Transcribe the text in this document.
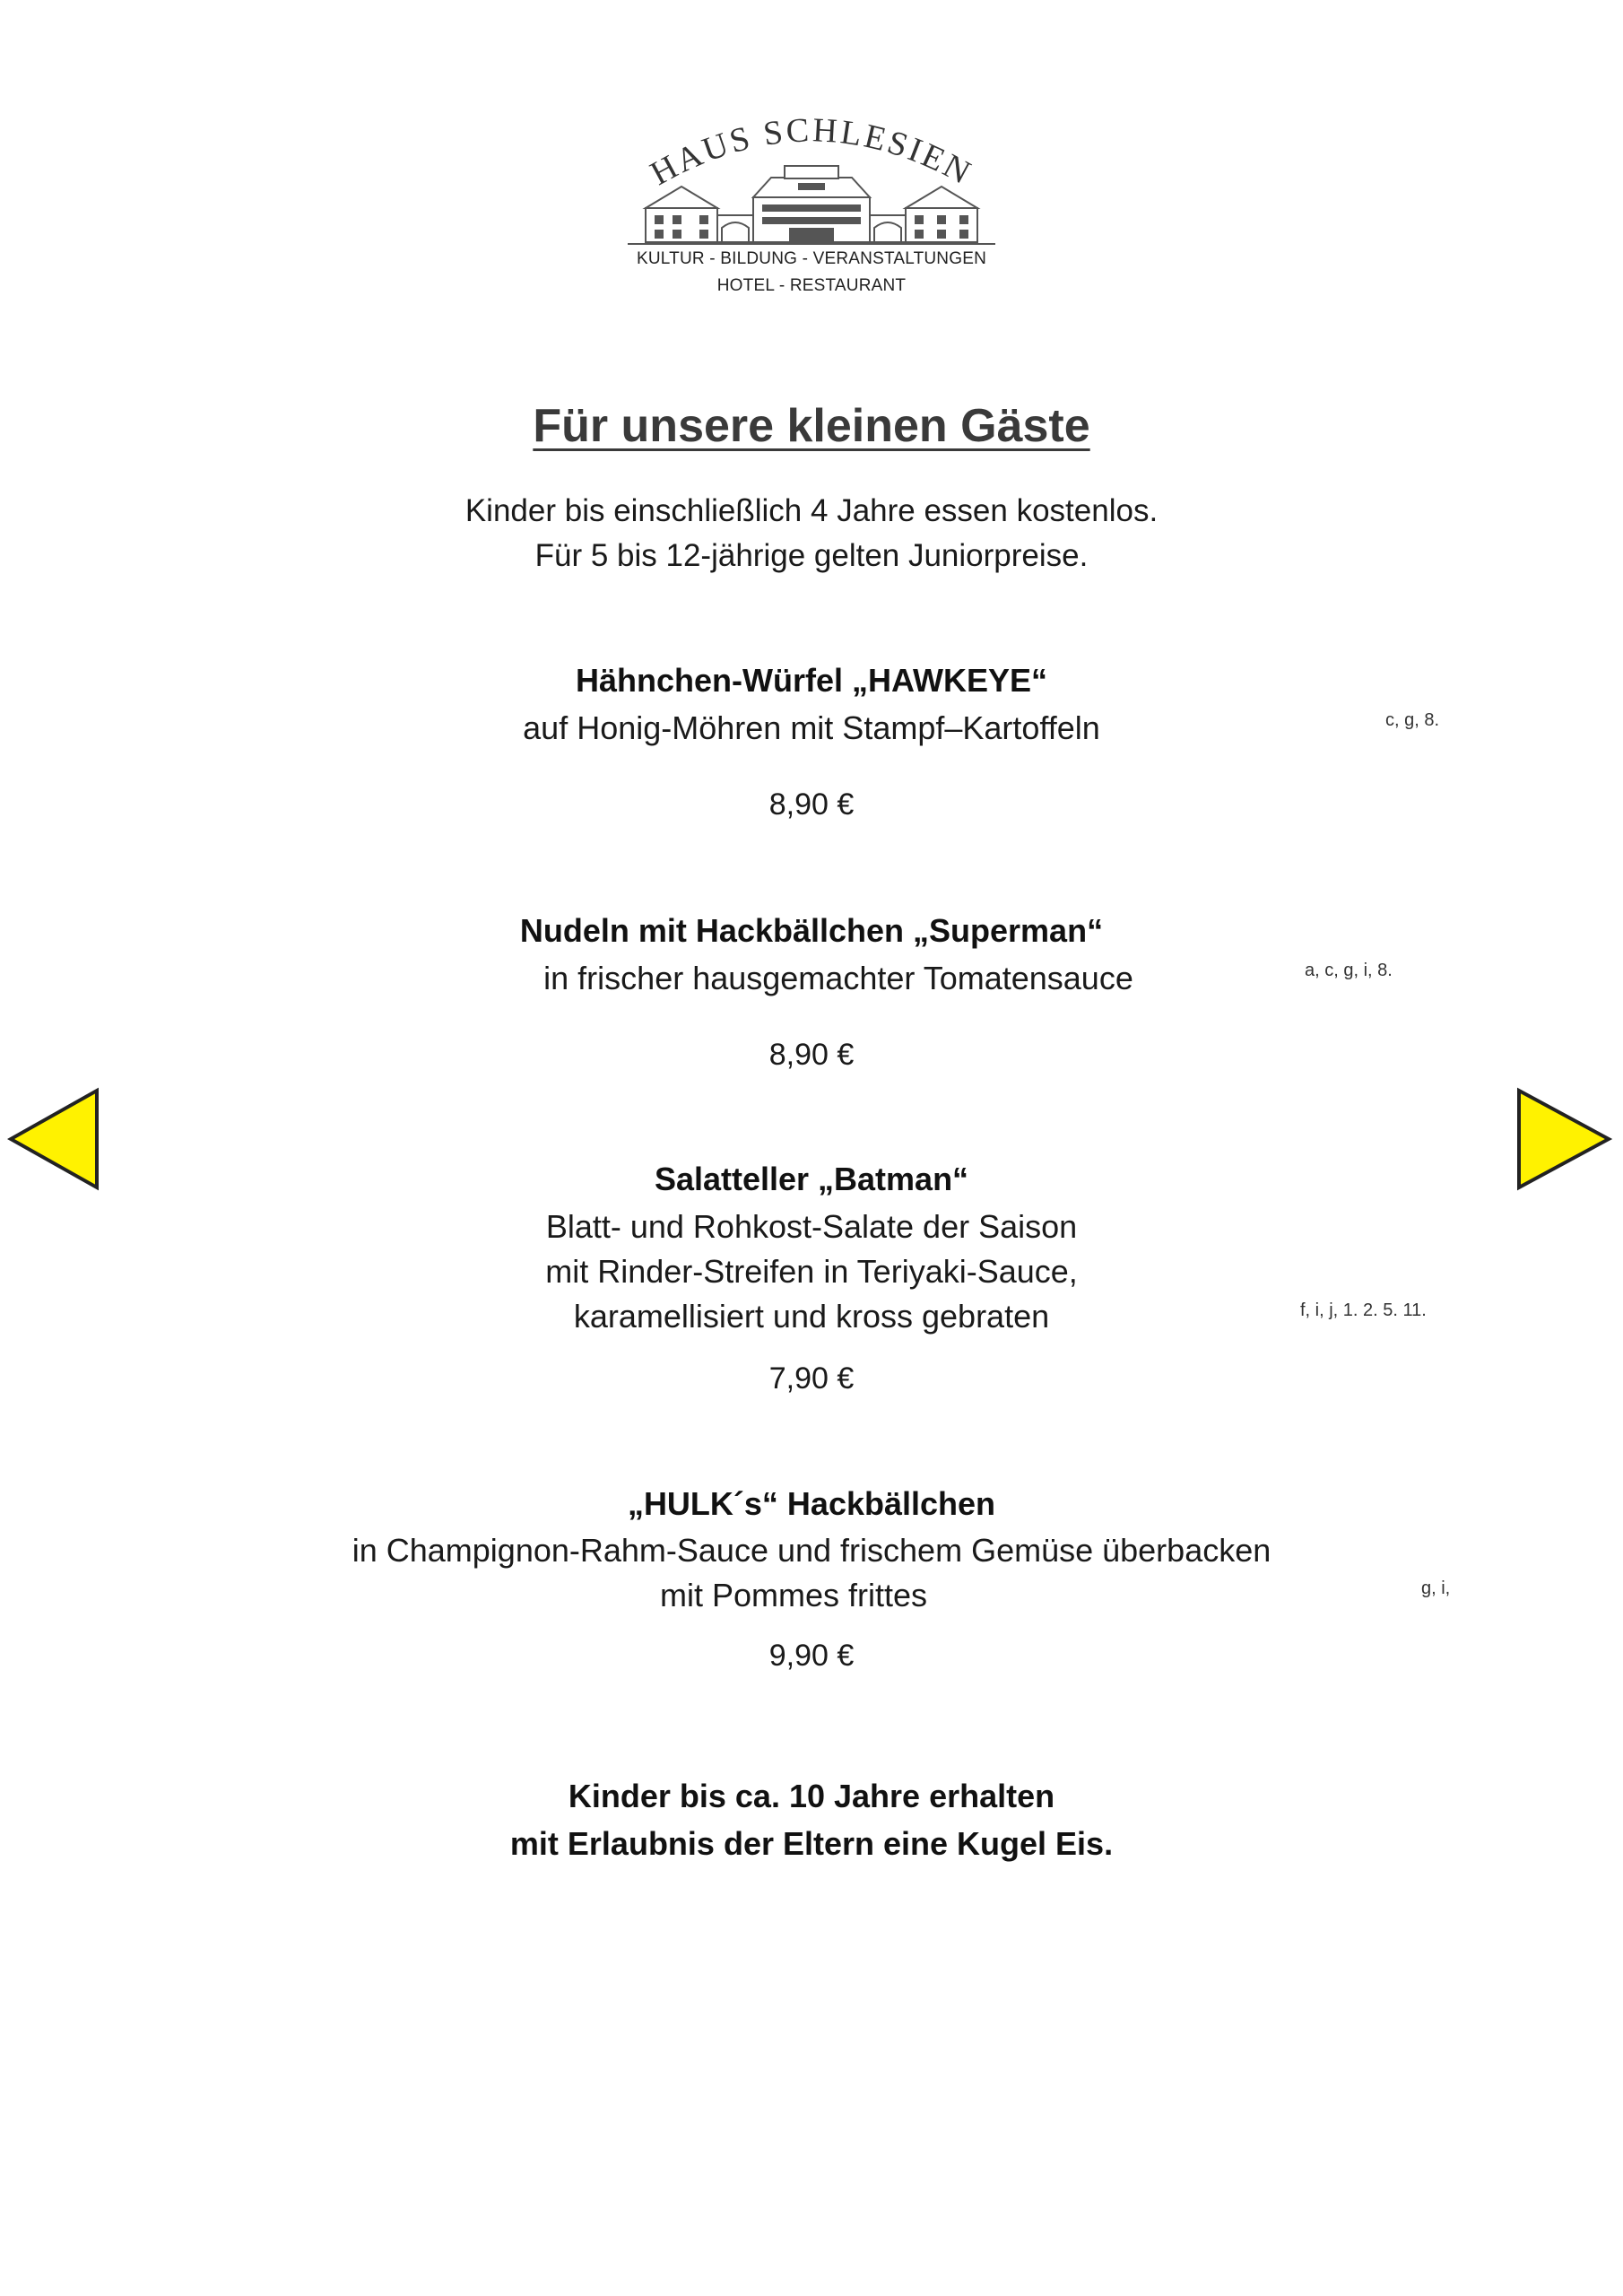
HAUS SCHLESIEN
KULTUR - BILDUNG - VERANSTALTUNGEN
HOTEL - RESTAURANT
Für unsere kleinen Gäste
Kinder bis einschließlich 4 Jahre essen kostenlos.
Für 5 bis 12-jährige gelten Juniorpreise.
Hähnchen-Würfel „HAWKEYE“
auf Honig-Möhren mit Stampf–Kartoffeln	c, g, 8.
8,90 €
Nudeln mit Hackbällchen „Superman“
in frischer hausgemachter Tomatensauce	a, c, g, i, 8.
8,90 €
Salatteller „Batman“
Blatt- und Rohkost-Salate der Saison
mit Rinder-Streifen in Teriyaki-Sauce,
karamellisiert und kross gebraten	f, i, j, 1. 2. 5. 11.
7,90 €
„HULK´s“ Hackbällchen
in Champignon-Rahm-Sauce und frischem Gemüse überbacken
mit Pommes frittes	g, i,
9,90 €
Kinder bis ca. 10 Jahre erhalten
mit Erlaubnis der Eltern eine Kugel Eis.
